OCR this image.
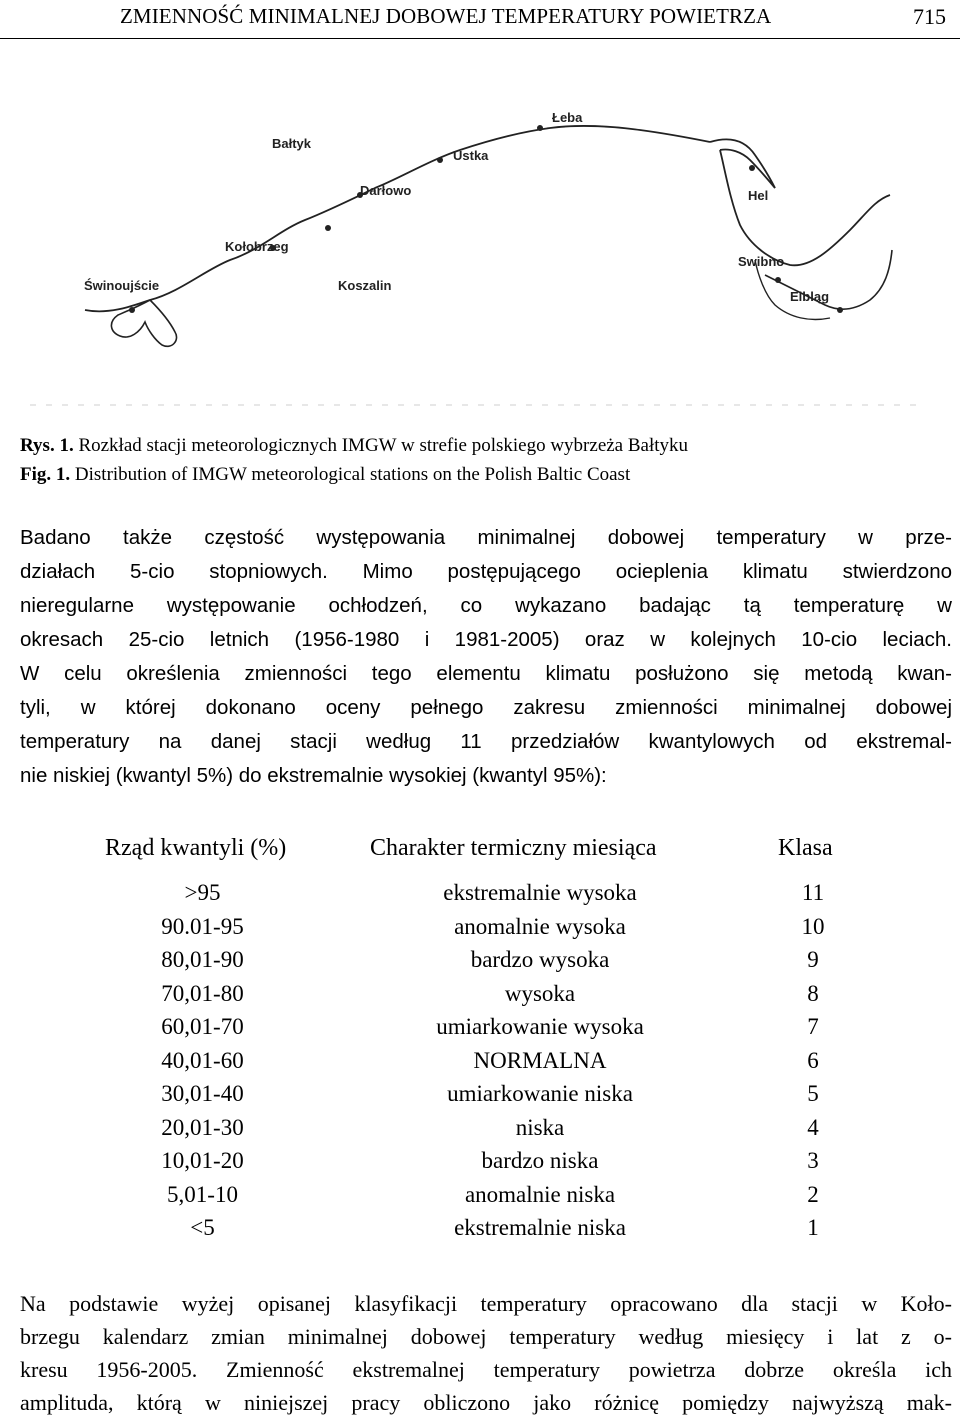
ZMIENNOŚĆ MINIMALNEJ DOBOWEJ TEMPERATURY POWIETRZA	715
Łeba
Bałtyk
Ustka
Darłowo	Hel
Kołobrzeg
Swibno
Świnoujście	Koszalin
Elbląg
Rys. 1. Rozkład stacji meteorologicznych IMGW w strefie polskiego wybrzeża Bałtyku
Fig. 1. Distribution of IMGW meteorological stations on the Polish Baltic Coast
Badano także częstość występowania minimalnej dobowej temperatury w prze-
działach 5-cio stopniowych. Mimo postępującego ocieplenia klimatu stwierdzono
nieregularne występowanie ochłodzeń, co wykazano badając tą temperaturę w
okresach 25-cio letnich (1956-1980 i 1981-2005) oraz w kolejnych 10-cio leciach.
W celu określenia zmienności tego elementu klimatu posłużono się metodą kwan-
tyli, w której dokonano oceny pełnego zakresu zmienności minimalnej dobowej
temperatury na danej stacji według 11 przedziałów kwantylowych od ekstremal-
nie niskiej (kwantyl 5%) do ekstremalnie wysokiej (kwantyl 95%):
Rząd kwantyli (%)	Charakter termiczny miesiąca	Klasa
>95	ekstremalnie wysoka	11
90.01-95	anomalnie wysoka	10
80,01-90	bardzo wysoka	9
70,01-80	wysoka	8
60,01-70	umiarkowanie wysoka	7
40,01-60	NORMALNA	6
30,01-40	umiarkowanie niska	5
20,01-30	niska	4
10,01-20	bardzo niska	3
5,01-10	anomalnie niska	2
<5	ekstremalnie niska	1
Na podstawie wyżej opisanej klasyfikacji temperatury opracowano dla stacji w Koło-
brzegu kalendarz zmian minimalnej dobowej temperatury według miesięcy i lat z o-
kresu 1956-2005. Zmienność ekstremalnej temperatury powietrza dobrze określa ich
amplituda, którą w niniejszej pracy obliczono jako różnicę pomiędzy najwyższą mak-
